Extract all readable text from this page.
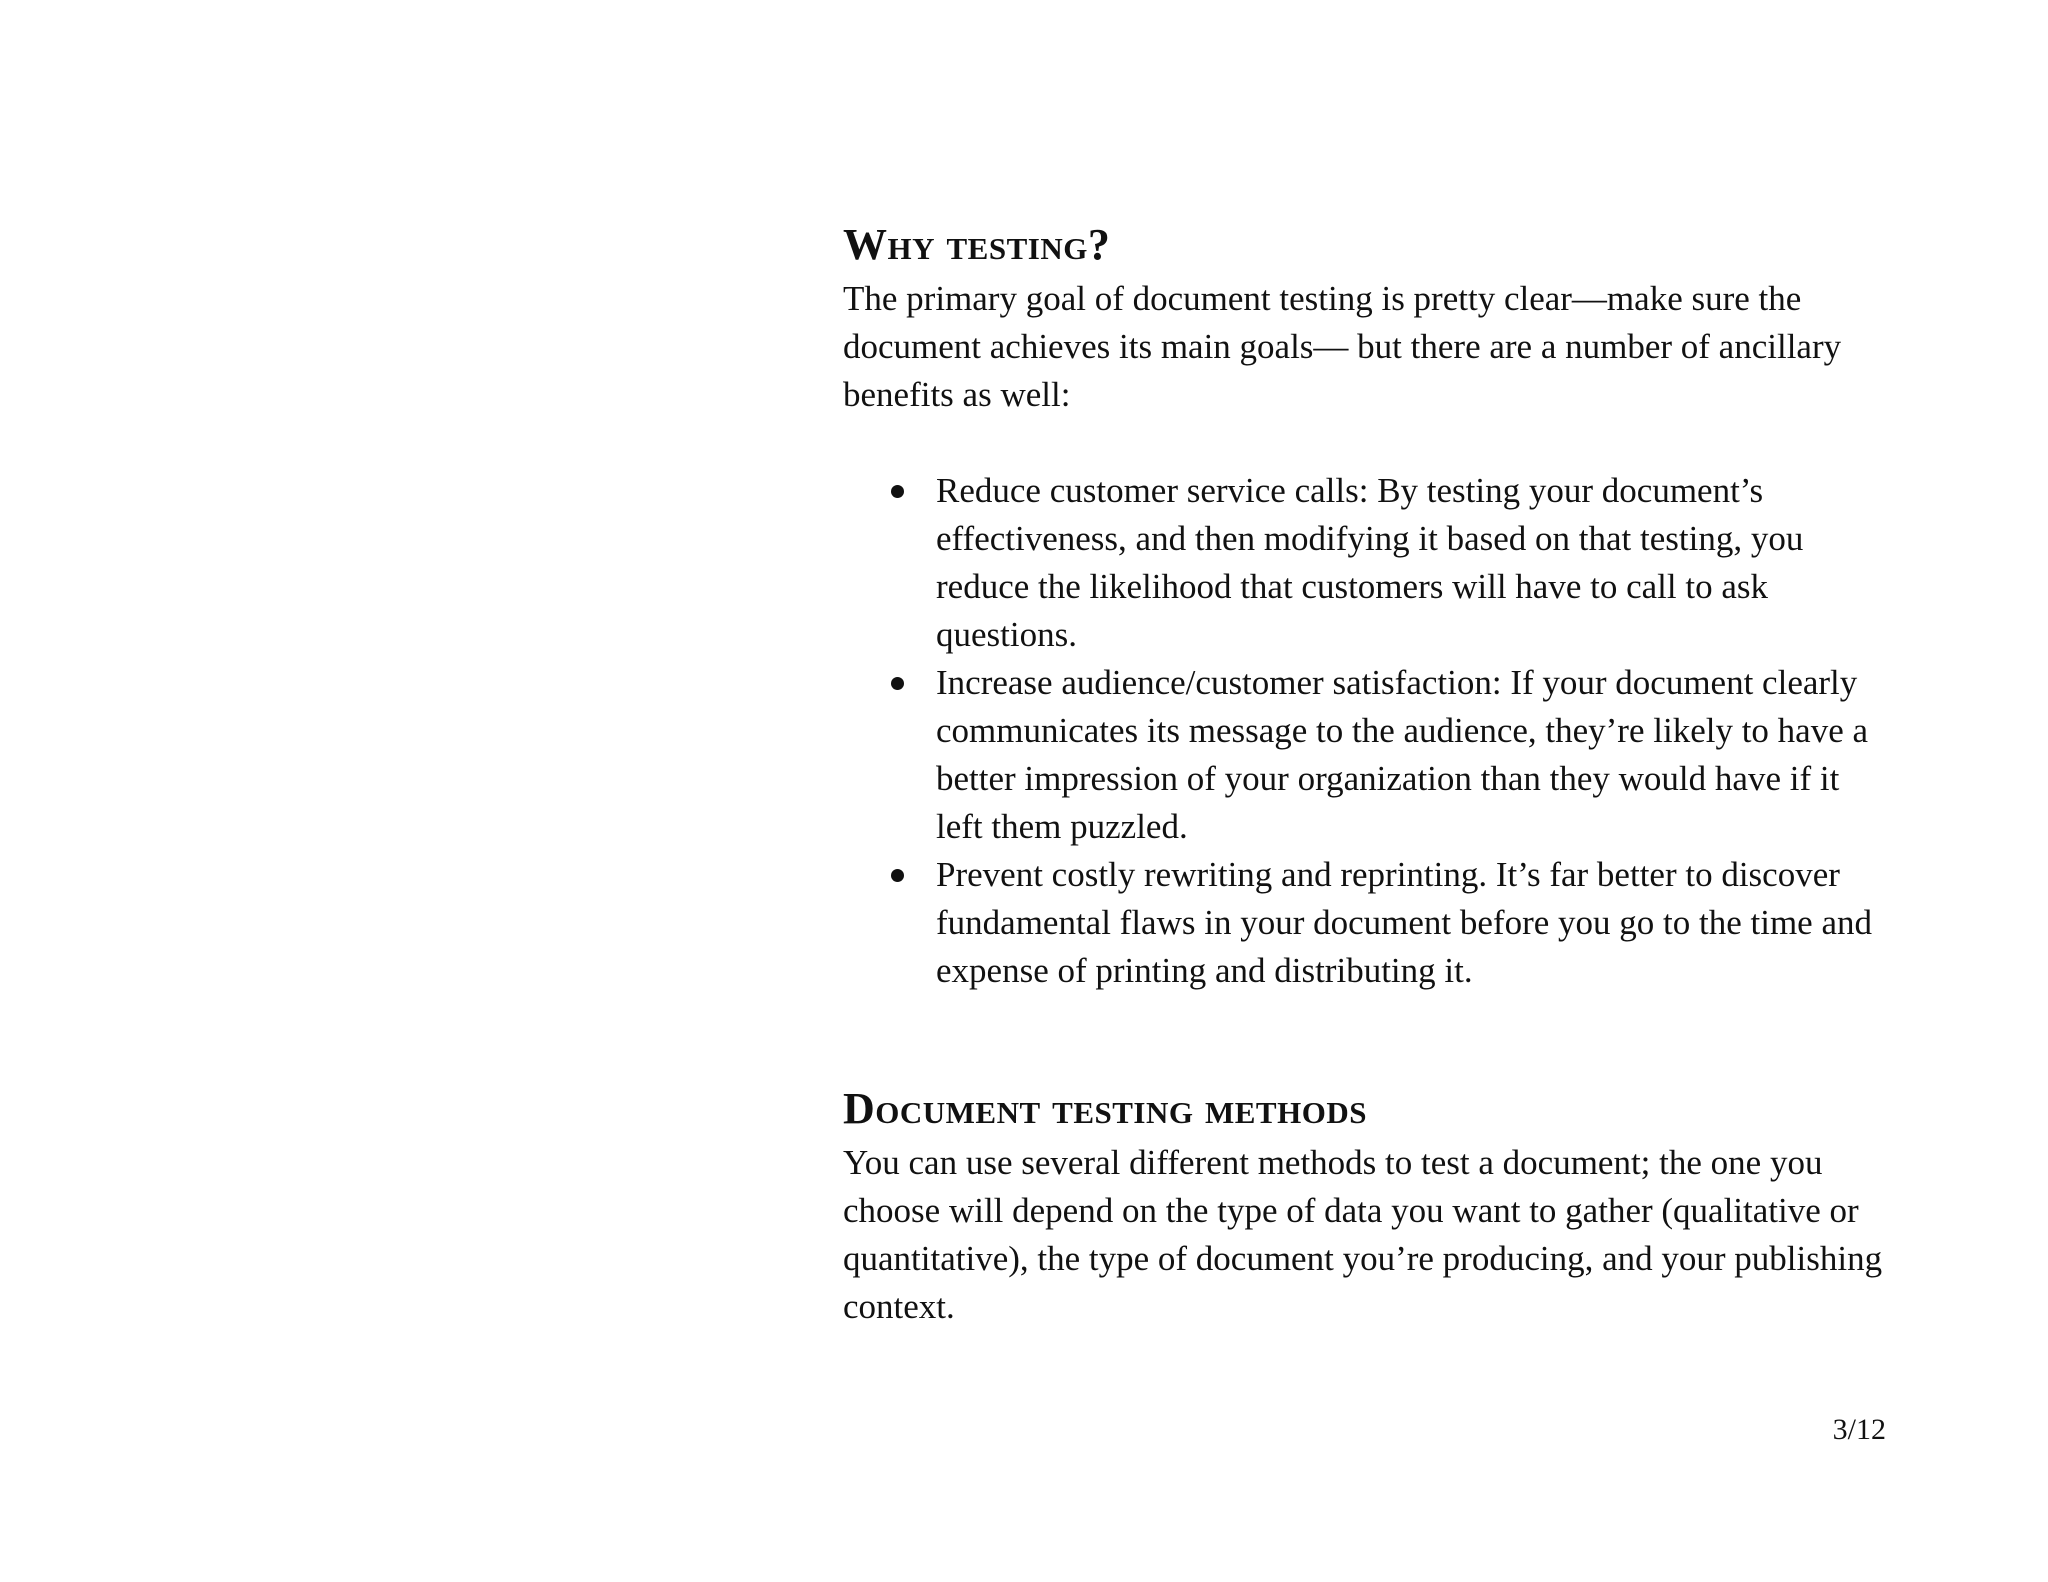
Why testing?

The primary goal of document testing is pretty clear—make sure the document achieves its main goals— but there are a number of ancillary benefits as well:

Reduce customer service calls: By testing your document’s effectiveness, and then modifying it based on that testing, you reduce the likelihood that customers will have to call to ask questions.
Increase audience/customer satisfaction: If your document clearly communicates its message to the audience, they’re likely to have a better impression of your organization than they would have if it left them puzzled.
Prevent costly rewriting and reprinting. It’s far better to discover fundamental flaws in your document before you go to the time and expense of printing and distributing it.
Document testing methods

You can use several different methods to test a document; the one you choose will depend on the type of data you want to gather (qualitative or quantitative), the type of document you’re producing, and your publishing context.

3/12
